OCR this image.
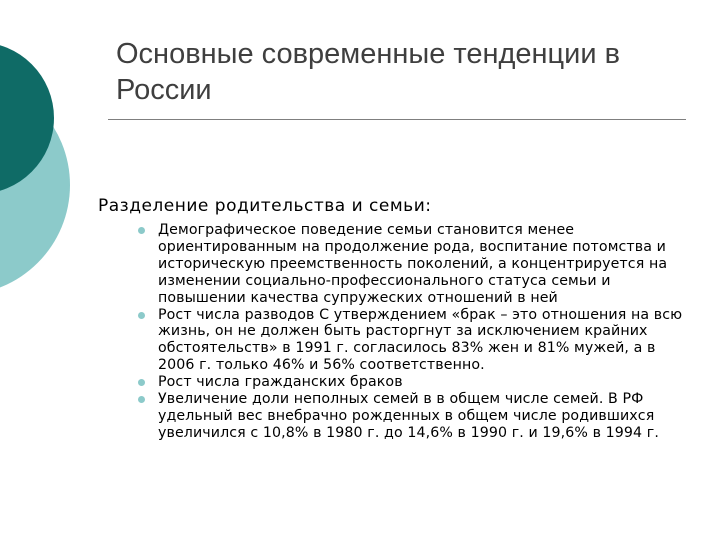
Основные современные тенденции в России
Разделение родительства и семьи:
Демографическое поведение семьи становится менее ориентированным на продолжение рода, воспитание потомства и историческую преемственность поколений, а концентрируется на изменении социально-профессионального статуса семьи и повышении качества супружеских отношений в ней
Рост числа разводов С утверждением «брак – это отношения на всю жизнь, он не должен быть расторгнут за исключением крайних обстоятельств» в 1991 г. согласилось 83% жен и 81% мужей, а в 2006 г. только 46% и 56% соответственно.
Рост числа гражданских браков
Увеличение доли неполных семей в в общем числе семей. В РФ удельный вес внебрачно рожденных в общем числе родившихся увеличился с 10,8% в 1980 г. до 14,6% в 1990 г. и 19,6% в 1994 г.
